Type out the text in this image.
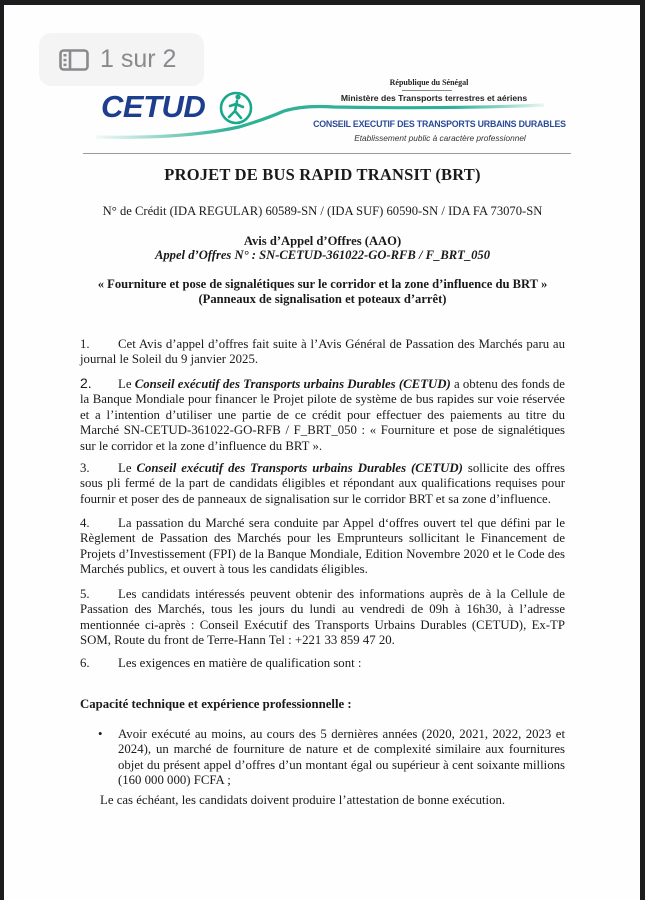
CETUD
République du Sénégal
Ministère des Transports terrestres et aériens
CONSEIL EXECUTIF DES TRANSPORTS URBAINS DURABLES
Etablissement public à caractère professionnel
1 sur 2
PROJET DE BUS RAPID TRANSIT (BRT)
N° de Crédit (IDA REGULAR) 60589-SN / (IDA SUF) 60590-SN / IDA FA 73070-SN
Avis d’Appel d’Offres (AAO)
Appel d’Offres N° : SN-CETUD-361022-GO-RFB / F_BRT_050
« Fourniture et pose de signalétiques sur le corridor et la zone d’influence du BRT »
(Panneaux de signalisation et poteaux d’arrêt)
1. Cet Avis d’appel d’offres fait suite à l’Avis Général de Passation des Marchés paru au journal le Soleil du 9 janvier 2025.
2. Le Conseil exécutif des Transports urbains Durables (CETUD) a obtenu des fonds de la Banque Mondiale pour financer le Projet pilote de système de bus rapides sur voie réservée et a l’intention d’utiliser une partie de ce crédit pour effectuer des paiements au titre du Marché SN-CETUD-361022-GO-RFB / F_BRT_050 : « Fourniture et pose de signalétiques sur le corridor et la zone d’influence du BRT ».
3. Le Conseil exécutif des Transports urbains Durables (CETUD) sollicite des offres sous pli fermé de la part de candidats éligibles et répondant aux qualifications requises pour fournir et poser des de panneaux de signalisation sur le corridor BRT et sa zone d’influence.
4. La passation du Marché sera conduite par Appel d‘offres ouvert tel que défini par le Règlement de Passation des Marchés pour les Emprunteurs sollicitant le Financement de Projets d’Investissement (FPI) de la Banque Mondiale, Edition Novembre 2020 et le Code des Marchés publics, et ouvert à tous les candidats éligibles.
5. Les candidats intéressés peuvent obtenir des informations auprès de à la Cellule de Passation des Marchés, tous les jours du lundi au vendredi de 09h à 16h30, à l’adresse mentionnée ci-après : Conseil Exécutif des Transports Urbains Durables (CETUD), Ex-TP SOM, Route du front de Terre-Hann Tel : +221 33 859 47 20.
6. Les exigences en matière de qualification sont :
Capacité technique et expérience professionnelle :
• Avoir exécuté au moins, au cours des 5 dernières années (2020, 2021, 2022, 2023 et 2024), un marché de fourniture de nature et de complexité similaire aux fournitures objet du présent appel d’offres d’un montant égal ou supérieur à cent soixante millions (160 000 000) FCFA ;
Le cas échéant, les candidats doivent produire l’attestation de bonne exécution.
